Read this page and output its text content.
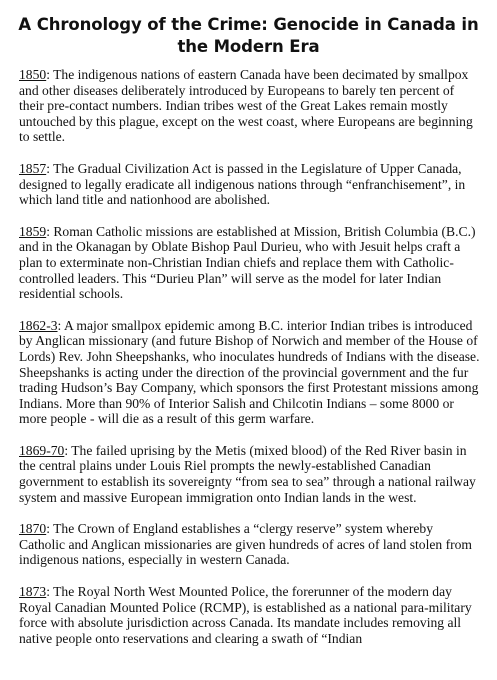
A Chronology of the Crime: Genocide in Canada in the Modern Era

1850: The indigenous nations of eastern Canada have been decimated by smallpox and other diseases deliberately introduced by Europeans to barely ten percent of their pre-contact numbers. Indian tribes west of the Great Lakes remain mostly untouched by this plague, except on the west coast, where Europeans are beginning to settle.

1857: The Gradual Civilization Act is passed in the Legislature of Upper Canada, designed to legally eradicate all indigenous nations through “enfranchisement”, in which land title and nationhood are abolished.

1859: Roman Catholic missions are established at Mission, British Columbia (B.C.) and in the Okanagan by Oblate Bishop Paul Durieu, who with Jesuit helps craft a plan to exterminate non-Christian Indian chiefs and replace them with Catholic-controlled leaders. This “Durieu Plan” will serve as the model for later Indian residential schools.

1862-3: A major smallpox epidemic among B.C. interior Indian tribes is introduced by Anglican missionary (and future Bishop of Norwich and member of the House of Lords) Rev. John Sheepshanks, who inoculates hundreds of Indians with the disease. Sheepshanks is acting under the direction of the provincial government and the fur trading Hudson’s Bay Company, which sponsors the first Protestant missions among Indians. More than 90% of Interior Salish and Chilcotin Indians – some 8000 or more people - will die as a result of this germ warfare.

1869-70: The failed uprising by the Metis (mixed blood) of the Red River basin in the central plains under Louis Riel prompts the newly-established Canadian government to establish its sovereignty “from sea to sea” through a national railway system and massive European immigration onto Indian lands in the west.

1870: The Crown of England establishes a “clergy reserve” system whereby Catholic and Anglican missionaries are given hundreds of acres of land stolen from indigenous nations, especially in western Canada.

1873: The Royal North West Mounted Police, the forerunner of the modern day Royal Canadian Mounted Police (RCMP), is established as a national para-military force with absolute jurisdiction across Canada. Its mandate includes removing all native people onto reservations and clearing a swath of “Indian
